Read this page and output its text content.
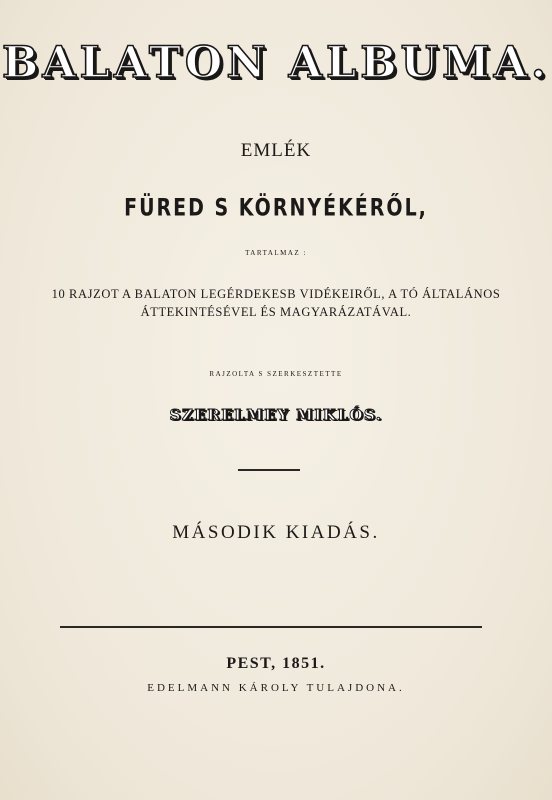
BALATON ALBUMA.
EMLÉK
FÜRED S KÖRNYÉKÉRŐL,
TARTALMAZ :
10 RAJZOT A BALATON LEGÉRDEKESB VIDÉKEIRŐL, A TÓ ÁLTALÁNOS
ÁTTEKINTÉSÉVEL ÉS MAGYARÁZATÁVAL.
RAJZOLTA S SZERKESZTETTE
SZERELMEY MIKLÓS.
MÁSODIK KIADÁS.
PEST, 1851.
EDELMANN KÁROLY TULAJDONA.
